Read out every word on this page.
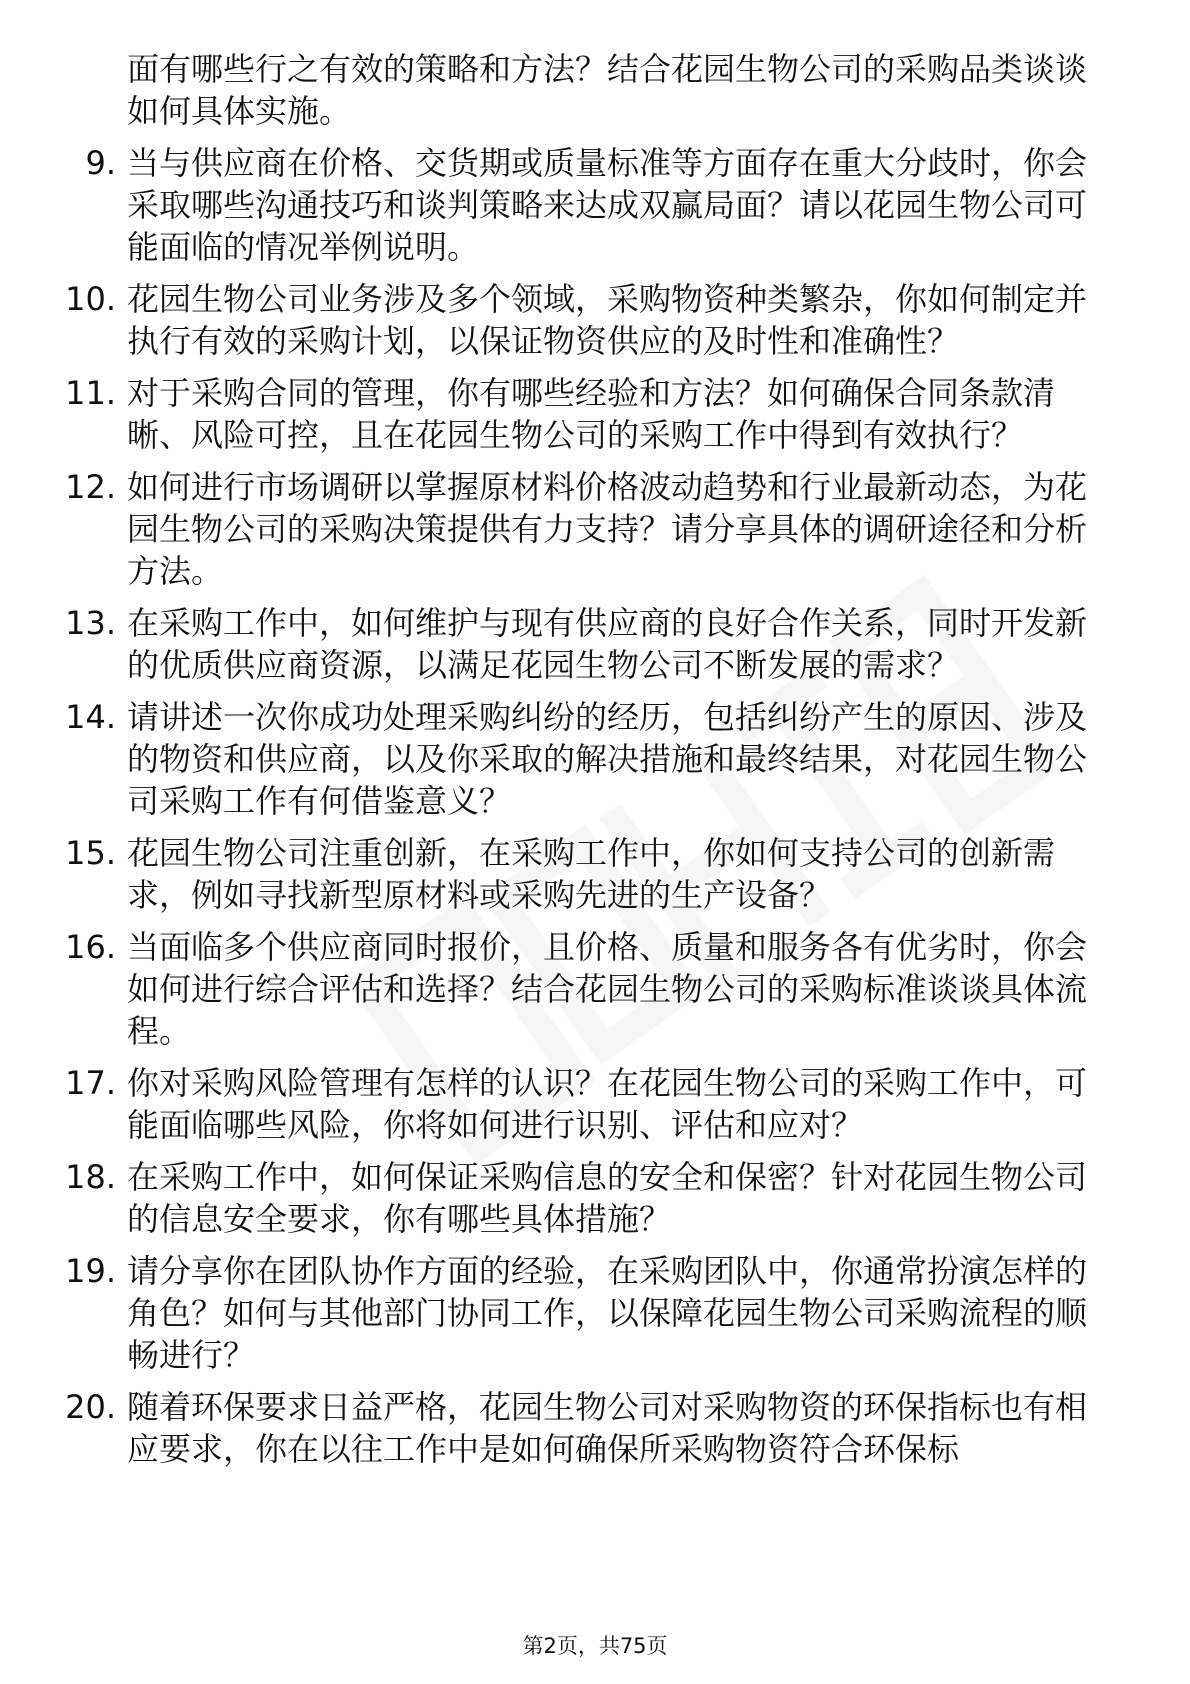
面有哪些行之有效的策略和方法？结合花园生物公司的采购品类谈谈如何具体实施。
9. 当与供应商在价格、交货期或质量标准等方面存在重大分歧时，你会采取哪些沟通技巧和谈判策略来达成双赢局面？请以花园生物公司可能面临的情况举例说明。
10. 花园生物公司业务涉及多个领域，采购物资种类繁杂，你如何制定并执行有效的采购计划，以保证物资供应的及时性和准确性？
11. 对于采购合同的管理，你有哪些经验和方法？如何确保合同条款清晰、风险可控，且在花园生物公司的采购工作中得到有效执行？
12. 如何进行市场调研以掌握原材料价格波动趋势和行业最新动态，为花园生物公司的采购决策提供有力支持？请分享具体的调研途径和分析方法。
13. 在采购工作中，如何维护与现有供应商的良好合作关系，同时开发新的优质供应商资源，以满足花园生物公司不断发展的需求？
14. 请讲述一次你成功处理采购纠纷的经历，包括纠纷产生的原因、涉及的物资和供应商，以及你采取的解决措施和最终结果，对花园生物公司采购工作有何借鉴意义？
15. 花园生物公司注重创新，在采购工作中，你如何支持公司的创新需求，例如寻找新型原材料或采购先进的生产设备？
16. 当面临多个供应商同时报价，且价格、质量和服务各有优劣时，你会如何进行综合评估和选择？结合花园生物公司的采购标准谈谈具体流程。
17. 你对采购风险管理有怎样的认识？在花园生物公司的采购工作中，可能面临哪些风险，你将如何进行识别、评估和应对？
18. 在采购工作中，如何保证采购信息的安全和保密？针对花园生物公司的信息安全要求，你有哪些具体措施？
19. 请分享你在团队协作方面的经验，在采购团队中，你通常扮演怎样的角色？如何与其他部门协同工作，以保障花园生物公司采购流程的顺畅进行？
20. 随着环保要求日益严格，花园生物公司对采购物资的环保指标也有相应要求，你在以往工作中是如何确保所采购物资符合环保标
第2页，共75页
